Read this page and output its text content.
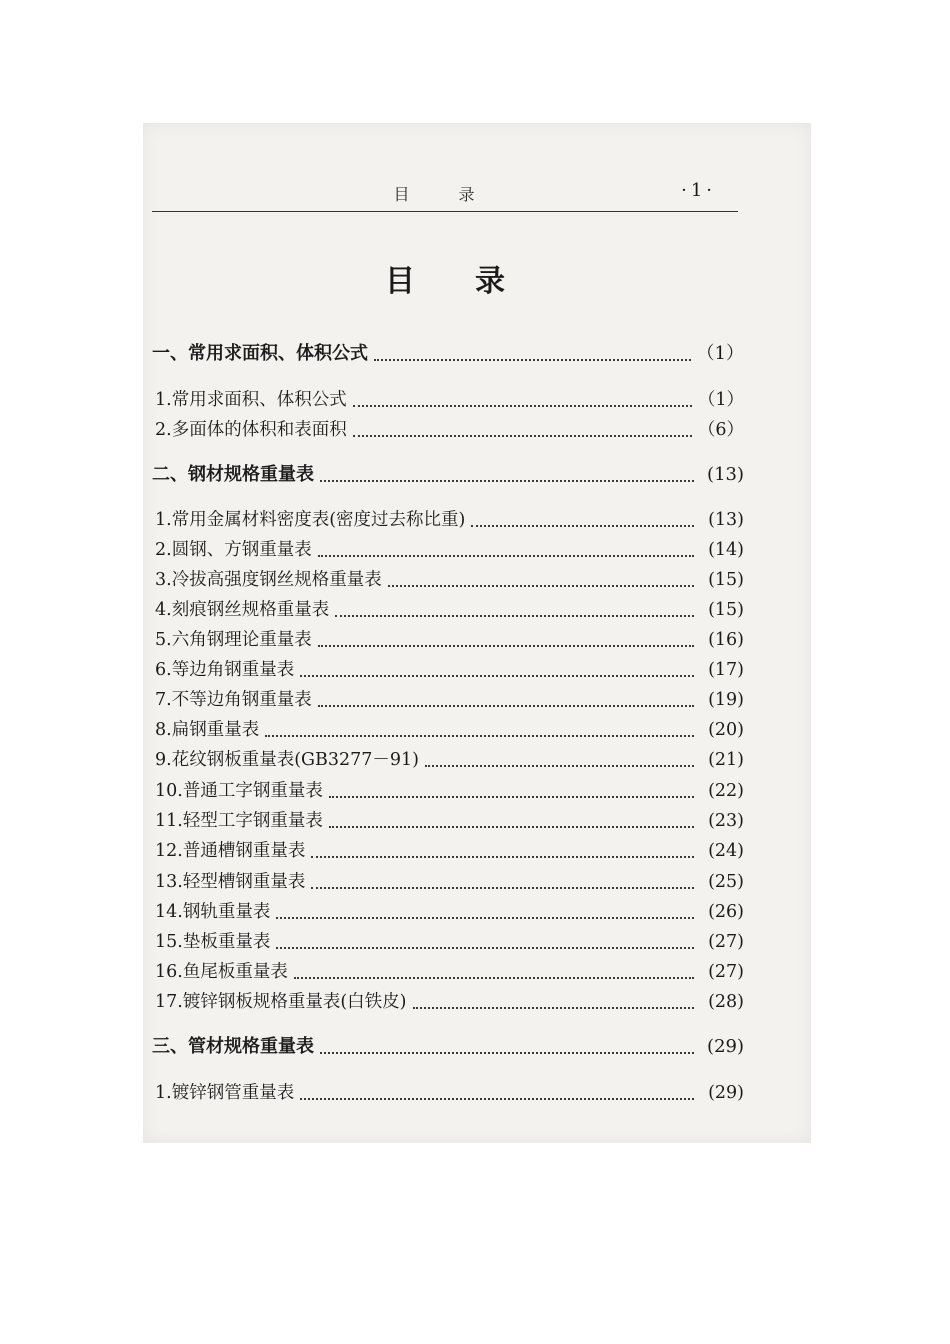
目 录	·1·
目录
一、常用求面积、体积公式	（1）
1.常用求面积、体积公式	（1）
2.多面体的体积和表面积	（6）
二、钢材规格重量表	(13)
1.常用金属材料密度表(密度过去称比重)	(13)
2.圆钢、方钢重量表	(14)
3.冷拔高强度钢丝规格重量表	(15)
4.刻痕钢丝规格重量表	(15)
5.六角钢理论重量表	(16)
6.等边角钢重量表	(17)
7.不等边角钢重量表	(19)
8.扁钢重量表	(20)
9.花纹钢板重量表(GB3277－91)	(21)
10.普通工字钢重量表	(22)
11.轻型工字钢重量表	(23)
12.普通槽钢重量表	(24)
13.轻型槽钢重量表	(25)
14.钢轨重量表	(26)
15.垫板重量表	(27)
16.鱼尾板重量表	(27)
17.镀锌钢板规格重量表(白铁皮)	(28)
三、管材规格重量表	(29)
1.镀锌钢管重量表	(29)
